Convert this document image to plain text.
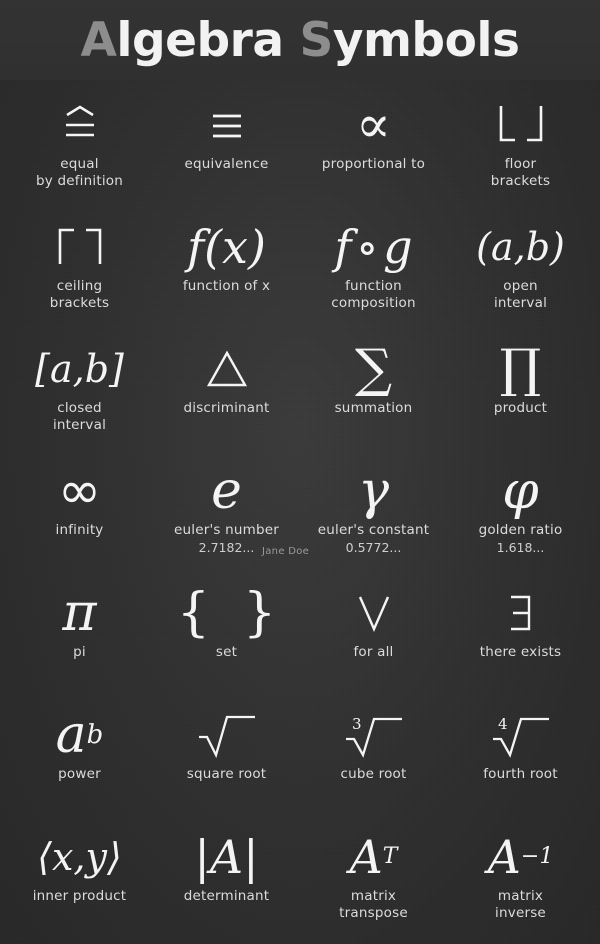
Algebra Symbols
equal
by definition
equivalence
∝
proportional to	floor
brackets
ceiling
brackets
f(x)
function of x
f ∘ g
function
composition
( a,b )
open
interval
[ a,b ]
closed
interval
discriminant
∑
summation
∏
product
∞
infinity
e
euler's number
2.7182...
γ
euler's constant
0.5772...
φ
golden ratio
1.618...
π
pi
{  }
set	for all	there exists
a b
power	square root
3
cube root
4
fourth root
⟨x,y⟩
inner product
|A|
determinant
A T
matrix
transpose
A −1
matrix
inverse
Jane Doe
